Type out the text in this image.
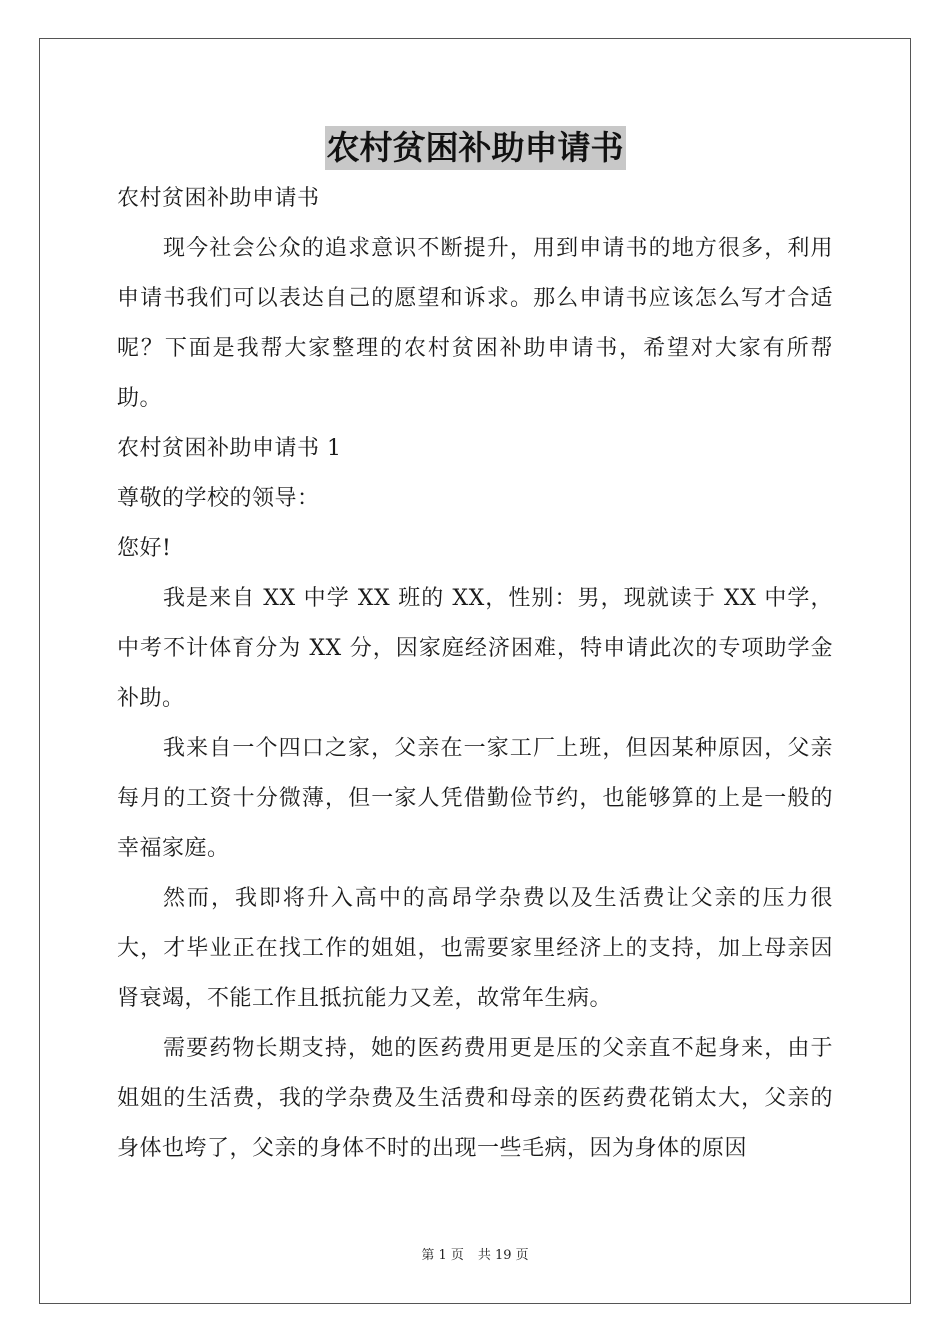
农村贫困补助申请书

农村贫困补助申请书

现今社会公众的追求意识不断提升，用到申请书的地方很多，利用申请书我们可以表达自己的愿望和诉求。那么申请书应该怎么写才合适呢？下面是我帮大家整理的农村贫困补助申请书，希望对大家有所帮助。

农村贫困补助申请书 1

尊敬的学校的领导：

您好!

我是来自 XX 中学 XX 班的 XX，性别：男，现就读于 XX 中学，中考不计体育分为 XX 分，因家庭经济困难，特申请此次的专项助学金补助。

我来自一个四口之家，父亲在一家工厂上班，但因某种原因，父亲每月的工资十分微薄，但一家人凭借勤俭节约，也能够算的上是一般的幸福家庭。

然而，我即将升入高中的高昂学杂费以及生活费让父亲的压力很大，才毕业正在找工作的姐姐，也需要家里经济上的支持，加上母亲因肾衰竭，不能工作且抵抗能力又差，故常年生病。

需要药物长期支持，她的医药费用更是压的父亲直不起身来，由于姐姐的生活费，我的学杂费及生活费和母亲的医药费花销太大，父亲的身体也垮了，父亲的身体不时的出现一些毛病，因为身体的原因

第 1 页 共 19 页
